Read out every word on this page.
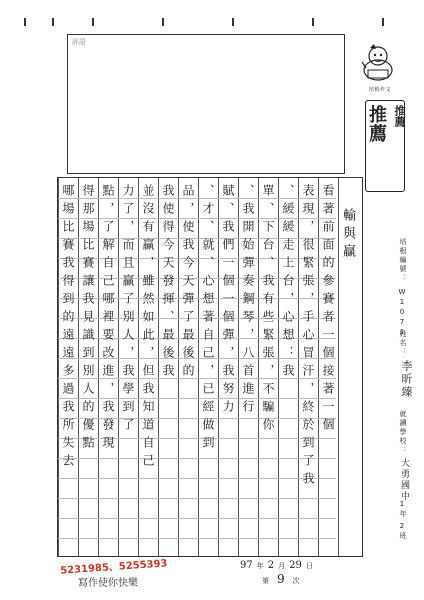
評語
培根作文
推薦 推薦
看著前面的參賽者一個接著一個
表現，很緊張，手心冒汗，終於到了我
、緩緩走上台，心想：我
單、下台、我有些緊張，不騙你
、我開始彈奏鋼琴，八首進行
賦、我們一個一個彈，我努力
、才、就、心想著自己，已經做到
品，使我今天彈了最後的
我使得今天發揮、最後我
並沒有贏，雖然如此，但我知道自己
力了，而且贏了別人，我學到了
點，了解自己哪裡要改進，我發現
得那場比賽讓我見識到別人的優點
哪場比賽我得到的遠遠多過我所失去	輸與贏	培根編號：
W1071
姓名：
李昕臻
就讀學校：
大勇國中
1
年
2
班
5231985、5255393
寫作使你快樂
97 年 2 月 29 日
第 9 次
